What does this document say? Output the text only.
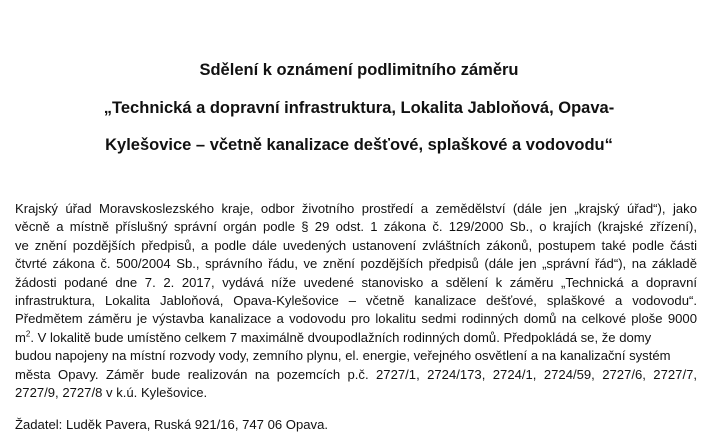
Sdělení k oznámení podlimitního záměru
„Technická a dopravní infrastruktura, Lokalita Jabloňová, Opava-
Kylešovice – včetně kanalizace dešťové, splaškové a vodovodu“
Krajský úřad Moravskoslezského kraje, odbor životního prostředí a zemědělství (dále jen „krajský úřad“), jako
věcně a místně příslušný správní orgán podle § 29 odst. 1 zákona č. 129/2000 Sb., o krajích (krajské zřízení),
ve znění pozdějších předpisů, a podle dále uvedených ustanovení zvláštních zákonů, postupem také podle části
čtvrté zákona č. 500/2004 Sb., správního řádu, ve znění pozdějších předpisů (dále jen „správní řád“), na základě
žádosti podané dne 7. 2. 2017, vydává níže uvedené stanovisko a sdělení k záměru „Technická a dopravní
infrastruktura, Lokalita Jabloňová, Opava-Kylešovice – včetně kanalizace dešťové, splaškové a vodovodu“.
Předmětem záměru je výstavba kanalizace a vodovodu pro lokalitu sedmi rodinných domů na celkové ploše 9000
$m^2$. V lokalitě bude umístěno celkem 7 maximálně dvoupodlažních rodinných domů. Předpokládá se, že domy
budou napojeny na místní rozvody vody, zemního plynu, el. energie, veřejného osvětlení a na kanalizační systém
města Opavy. Záměr bude realizován na pozemcích p.č. 2727/1, 2724/173, 2724/1, 2724/59, 2727/6, 2727/7,
2727/9, 2727/8 v k.ú. Kylešovice.

Žadatel: Luděk Pavera, Ruská 921/16, 747 06 Opava.
